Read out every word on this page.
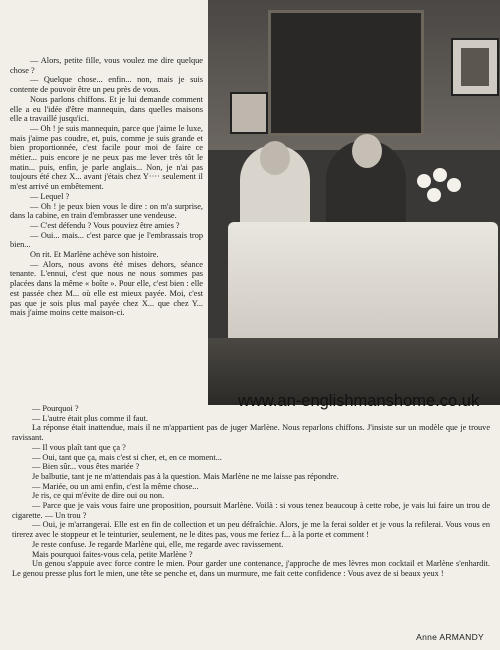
www.an-englishmanshome.co.uk

— Alors, petite fille, vous voulez me dire quelque chose ?

— Quelque chose... enfin... non, mais je suis contente de pouvoir être un peu près de vous.

Nous parlons chiffons. Et je lui demande comment elle a eu l'idée d'être mannequin, dans quelles maisons elle a travaillé jusqu'ici.

— Oh ! je suis mannequin, parce que j'aime le luxe, mais j'aime pas coudre, et, puis, comme je suis grande et bien proportionnée, c'est facile pour moi de faire ce métier... puis encore je ne peux pas me lever très tôt le matin... puis, enfin, je parle anglais... Non, je n'ai pas toujours été chez X... avant j'étais chez Y···· seulement il m'est arrivé un embêtement.

— Lequel ?

— Oh ! je peux bien vous le dire : on m'a surprise, dans la cabine, en train d'embrasser une vendeuse.

— C'est défendu ? Vous pouviez être amies ?

— Oui... mais... c'est parce que je l'embrassais trop bien...

On rit. Et Marlène achève son histoire.

— Alors, nous avons été mises dehors, séance tenante. L'ennui, c'est que nous ne nous sommes pas placées dans la même « boîte ». Pour elle, c'est bien : elle est passée chez M... où elle est mieux payée. Moi, c'est pas que je sois plus mal payée chez X... que chez Y... mais j'aime moins cette maison-ci.

— Pourquoi ?

— L'autre était plus comme il faut.

La réponse était inattendue, mais il ne m'appartient pas de juger Marlène. Nous reparlons chiffons. J'insiste sur un modèle que je trouve ravissant.

— Il vous plaît tant que ça ?

— Oui, tant que ça, mais c'est si cher, et, en ce moment...

— Bien sûr... vous êtes mariée ?

Je balbutie, tant je ne m'attendais pas à la question. Mais Marlène ne me laisse pas répondre.

— Mariée, ou un ami enfin, c'est la même chose...

Je ris, ce qui m'évite de dire oui ou non.

— Parce que je vais vous faire une proposition, poursuit Marlène. Voilà : si vous tenez beaucoup à cette robe, je vais lui faire un trou de cigarette. — Un trou ?

— Oui, je m'arrangerai. Elle est en fin de collection et un peu défraîchie. Alors, je me la ferai solder et je vous la refilerai. Vous vous en tirerez avec le stoppeur et le teinturier, seulement, ne le dites pas, vous me feriez f... à la porte et comment !

Je reste confuse. Je regarde Marlène qui, elle, me regarde avec ravissement.

Mais pourquoi faites-vous cela, petite Marlène ?

Un genou s'appuie avec force contre le mien. Pour garder une contenance, j'approche de mes lèvres mon cocktail et Marlène s'enhardit. Le genou presse plus fort le mien, une tête se penche et, dans un murmure, me fait cette confidence : Vous avez de si beaux yeux !

Anne ARMANDY
